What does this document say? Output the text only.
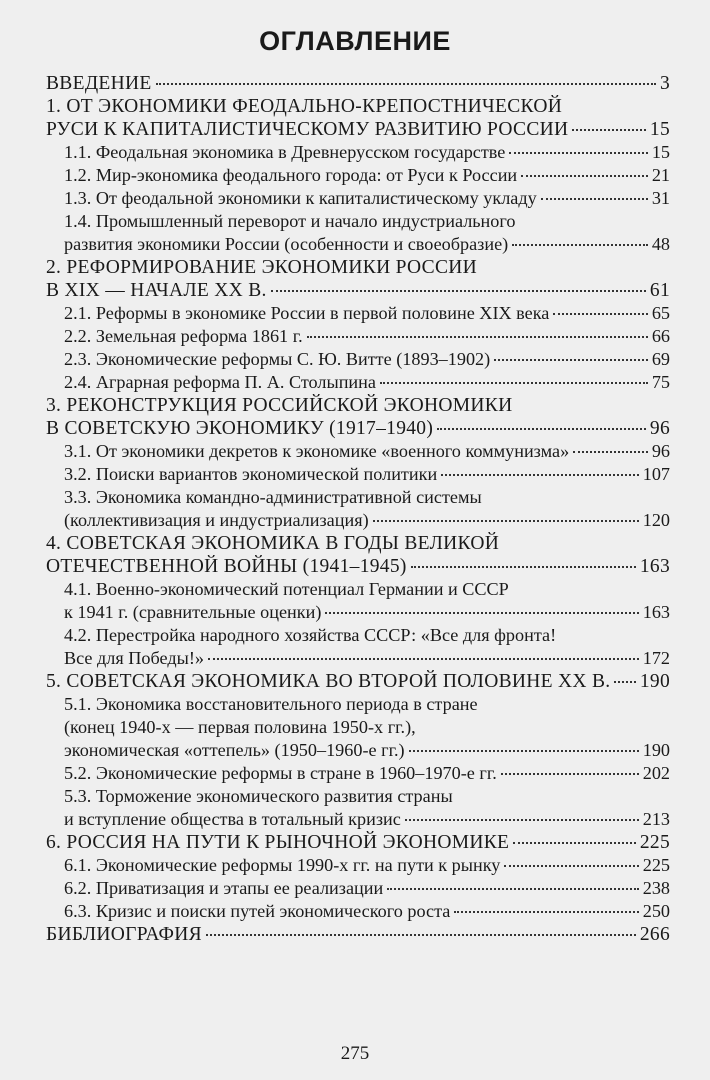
ОГЛАВЛЕНИЕ
ВВЕДЕНИЕ	3
1. ОТ ЭКОНОМИКИ ФЕОДАЛЬНО-КРЕПОСТНИЧЕСКОЙ
РУСИ К КАПИТАЛИСТИЧЕСКОМУ РАЗВИТИЮ РОССИИ	15
1.1. Феодальная экономика в Древнерусском государстве	15
1.2. Мир-экономика феодального города: от Руси к России	21
1.3. От феодальной экономики к капиталистическому укладу	31
1.4. Промышленный переворот и начало индустриального
развития экономики России (особенности и своеобразие)	48
2. РЕФОРМИРОВАНИЕ ЭКОНОМИКИ РОССИИ
В XIX — НАЧАЛЕ XX В.	61
2.1. Реформы в экономике России в первой половине XIX века	65
2.2. Земельная реформа 1861 г.	66
2.3. Экономические реформы С. Ю. Витте (1893–1902)	69
2.4. Аграрная реформа П. А. Столыпина	75
3. РЕКОНСТРУКЦИЯ РОССИЙСКОЙ ЭКОНОМИКИ
В СОВЕТСКУЮ ЭКОНОМИКУ (1917–1940)	96
3.1. От экономики декретов к экономике «военного коммунизма»	96
3.2. Поиски вариантов экономической политики	107
3.3. Экономика командно-административной системы
(коллективизация и индустриализация)	120
4. СОВЕТСКАЯ ЭКОНОМИКА В ГОДЫ ВЕЛИКОЙ
ОТЕЧЕСТВЕННОЙ ВОЙНЫ (1941–1945)	163
4.1. Военно-экономический потенциал Германии и СССР
к 1941 г. (сравнительные оценки)	163
4.2. Перестройка народного хозяйства СССР: «Все для фронта!
Все для Победы!»	172
5. СОВЕТСКАЯ ЭКОНОМИКА ВО ВТОРОЙ ПОЛОВИНЕ XX В. 190
5.1. Экономика восстановительного периода в стране
(конец 1940-х — первая половина 1950-х гг.),
экономическая «оттепель» (1950–1960-е гг.)	190
5.2. Экономические реформы в стране в 1960–1970-е гг.	202
5.3. Торможение экономического развития страны
и вступление общества в тотальный кризис	213
6. РОССИЯ НА ПУТИ К РЫНОЧНОЙ ЭКОНОМИКЕ	225
6.1. Экономические реформы 1990-х гг. на пути к рынку	225
6.2. Приватизация и этапы ее реализации	238
6.3. Кризис и поиски путей экономического роста	250
БИБЛИОГРАФИЯ	266
275
